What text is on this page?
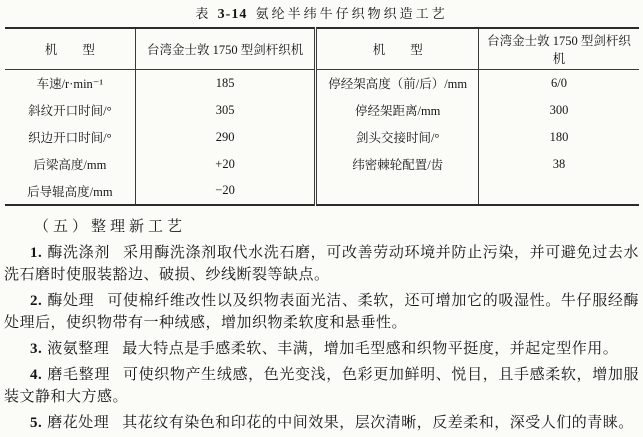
表 3-14 氨纶半纬牛仔织物织造工艺
机　　型	台湾金士敦 1750 型剑杆织机	机　　型	台湾金士敦 1750 型剑杆织机
车速/r·min⁻¹	185	停经架高度（前/后）/mm	6/0
斜纹开口时间/°	305	停经架距离/mm	300
织边开口时间/°	290	剑头交接时间/°	180
后梁高度/mm	+20	纬密棘轮配置/齿	38
后导辊高度/mm	−20		
（五）整理新工艺

1. 酶洗涤剂 采用酶洗涤剂取代水洗石磨，可改善劳动环境并防止污染，并可避免过去水洗石磨时使服装豁边、破损、纱线断裂等缺点。

2. 酶处理 可使棉纤维改性以及织物表面光洁、柔软，还可增加它的吸湿性。牛仔服经酶处理后，使织物带有一种绒感，增加织物柔软度和悬垂性。

3. 液氨整理 最大特点是手感柔软、丰满，增加毛型感和织物平挺度，并起定型作用。

4. 磨毛整理 可使织物产生绒感，色光变浅，色彩更加鲜明、悦目，且手感柔软，增加服装文静和大方感。

5. 磨花处理 其花纹有染色和印花的中间效果，层次清晰，反差柔和，深受人们的青睐。
